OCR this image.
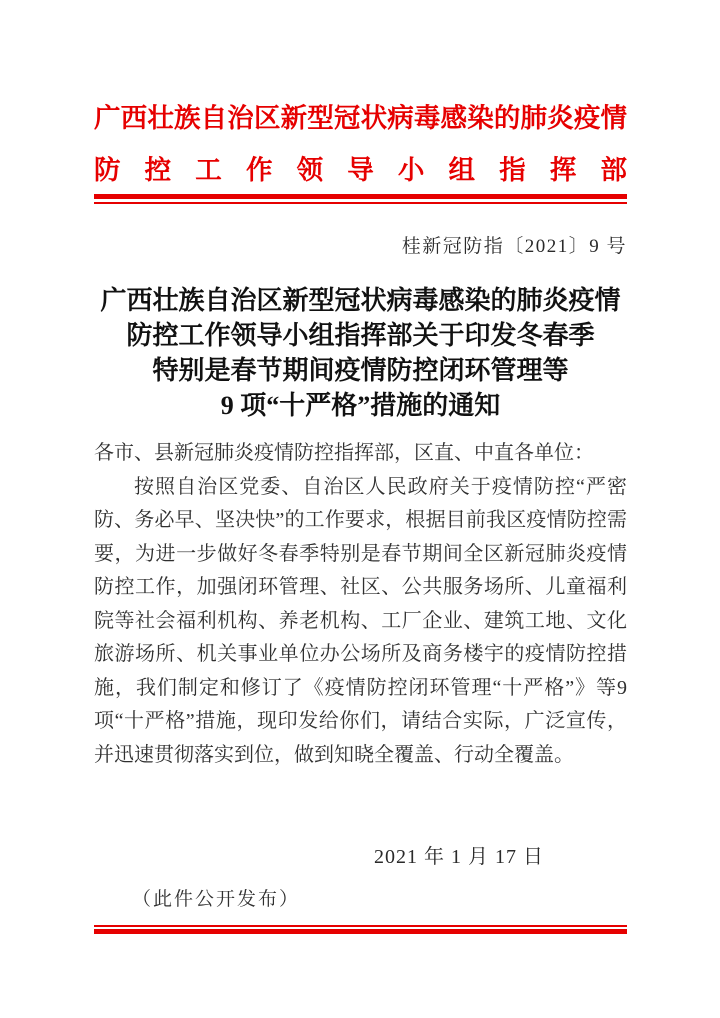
广西壮族自治区新型冠状病毒感染的肺炎疫情
防控工作领导小组指挥部
桂新冠防指〔2021〕9 号
广西壮族自治区新型冠状病毒感染的肺炎疫情
防控工作领导小组指挥部关于印发冬春季
特别是春节期间疫情防控闭环管理等
9 项“十严格”措施的通知
各市、县新冠肺炎疫情防控指挥部，区直、中直各单位：
按照自治区党委、自治区人民政府关于疫情防控“严密防、务必早、坚决快”的工作要求，根据目前我区疫情防控需要，为进一步做好冬春季特别是春节期间全区新冠肺炎疫情防控工作，加强闭环管理、社区、公共服务场所、儿童福利院等社会福利机构、养老机构、工厂企业、建筑工地、文化旅游场所、机关事业单位办公场所及商务楼宇的疫情防控措施，我们制定和修订了《疫情防控闭环管理“十严格”》等9项“十严格”措施，现印发给你们，请结合实际，广泛宣传，并迅速贯彻落实到位，做到知晓全覆盖、行动全覆盖。
2021 年 1 月 17 日
（此件公开发布）
